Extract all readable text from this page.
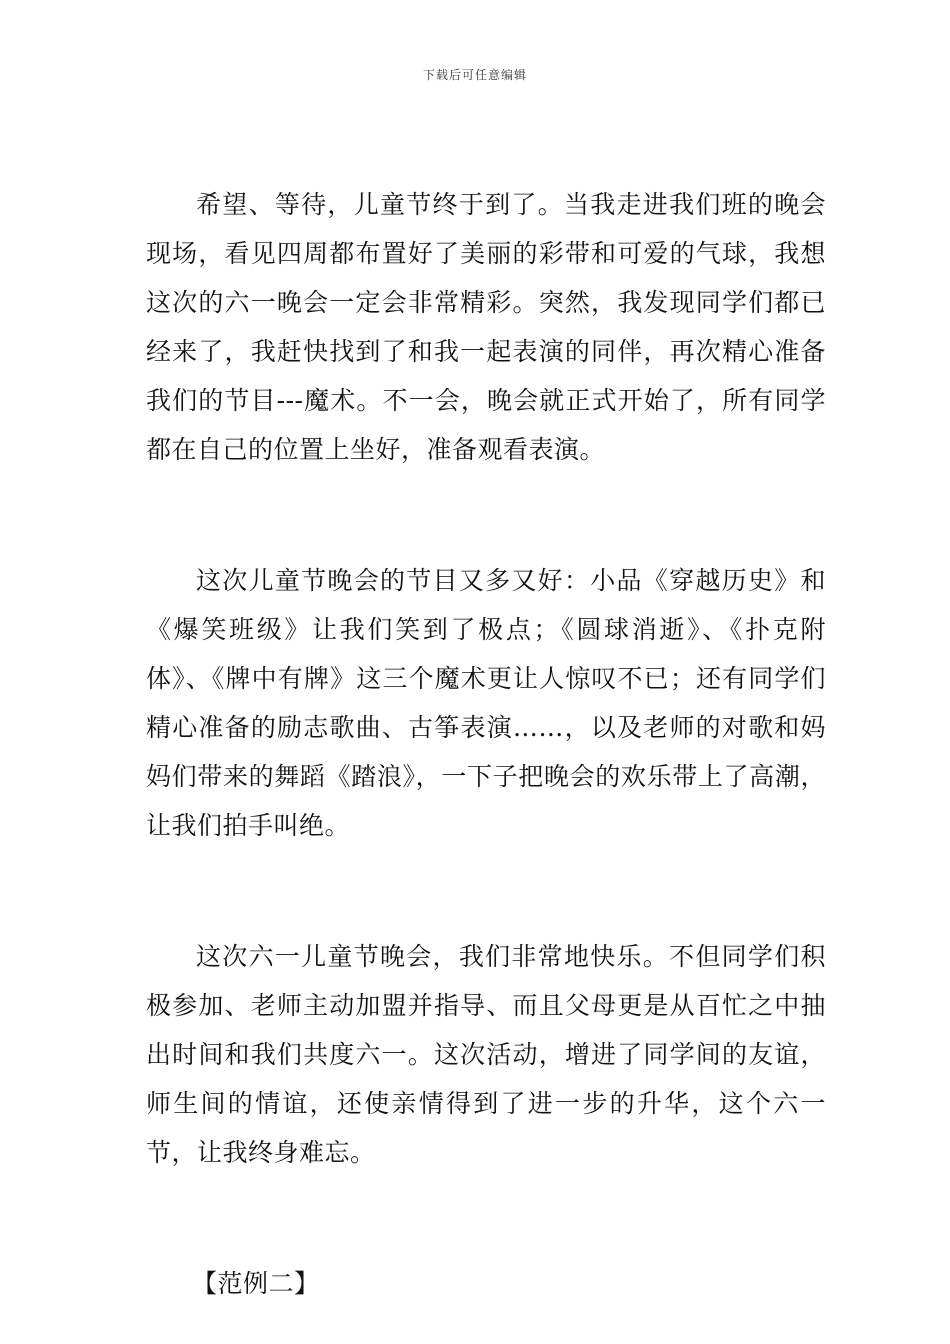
下载后可任意编辑

希望、等待，儿童节终于到了。当我走进我们班的晚会现场，看见四周都布置好了美丽的彩带和可爱的气球，我想这次的六一晚会一定会非常精彩。突然，我发现同学们都已经来了，我赶快找到了和我一起表演的同伴，再次精心准备我们的节目---魔术。不一会，晚会就正式开始了，所有同学都在自己的位置上坐好，准备观看表演。

这次儿童节晚会的节目又多又好：小品《穿越历史》和《爆笑班级》让我们笑到了极点；《圆球消逝》、《扑克附体》、《牌中有牌》这三个魔术更让人惊叹不已；还有同学们精心准备的励志歌曲、古筝表演……，以及老师的对歌和妈妈们带来的舞蹈《踏浪》，一下子把晚会的欢乐带上了高潮，让我们拍手叫绝。

这次六一儿童节晚会，我们非常地快乐。不但同学们积极参加、老师主动加盟并指导、而且父母更是从百忙之中抽出时间和我们共度六一。这次活动，增进了同学间的友谊，师生间的情谊，还使亲情得到了进一步的升华，这个六一节，让我终身难忘。

【范例二】
